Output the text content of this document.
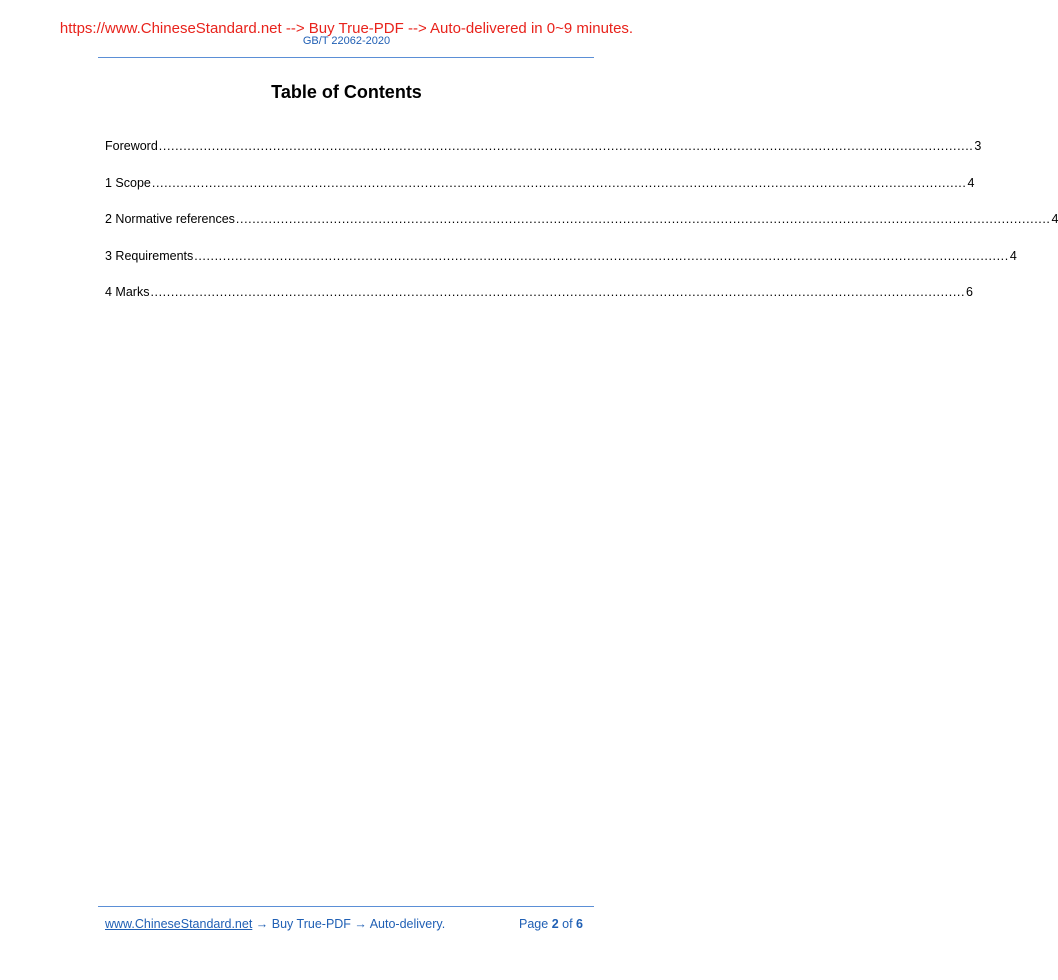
https://www.ChineseStandard.net --> Buy True-PDF --> Auto-delivered in 0~9 minutes.
GB/T 22062-2020
Table of Contents
Foreword ........................................................................................................................................................................................................ 3
1 Scope ........................................................................................................................................................................................................ 4
2 Normative references ........................................................................................................................................................................................................ 4
3 Requirements ........................................................................................................................................................................................................ 4
4 Marks ........................................................................................................................................................................................................ 6
www.ChineseStandard.net → Buy True-PDF → Auto-delivery.	Page 2 of 6
